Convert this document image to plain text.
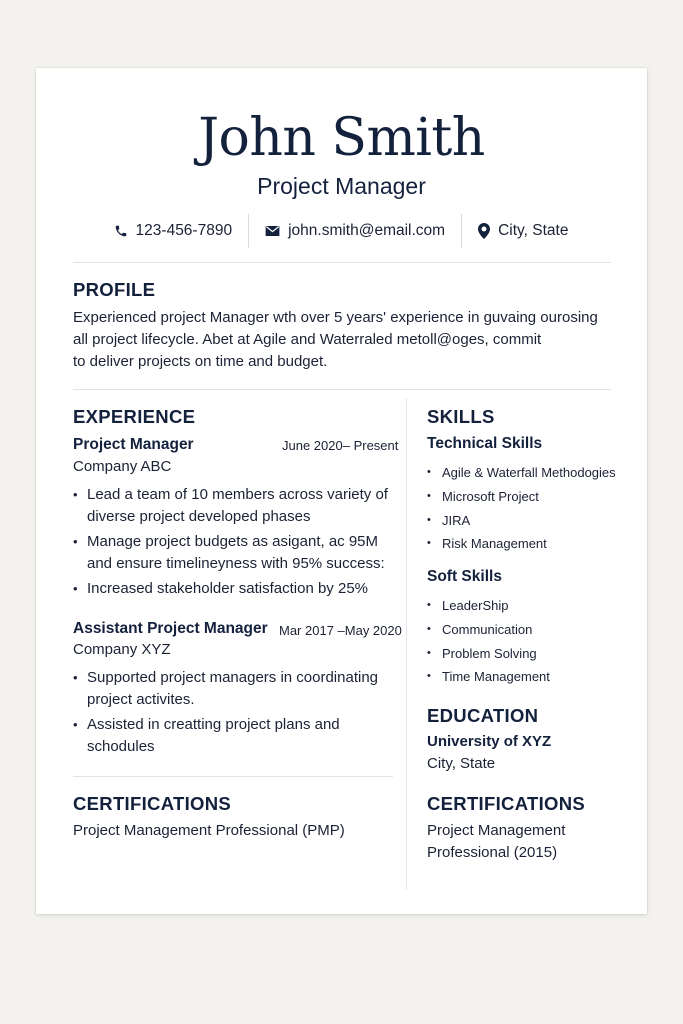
John Smith
Project Manager
123-456-7890	john.smith@email.com	City, State
PROFILE
Experienced project Manager wth over 5 years' experience in guvaing ourosing
all project lifecycle. Abet at Agile and Waterraled metoll@oges, commit
to deliver projects on time and budget.
EXPERIENCE
Project Manager	June 2020– Present
Company ABC
• Lead a team of 10 members across variety of diverse project developed phases
• Manage project budgets as asigant, ac 95M and ensure timelineyness with 95% success:
• Increased stakeholder satisfaction by 25%
Assistant Project Manager Mar 2017 –May 2020
Company XYZ
• Supported project managers in coordinating project activites.
• Assisted in creatting project plans and schodules
CERTIFICATIONS
Project Management Professional (PMP)
SKILLS
Technical Skills
• Agile & Waterfall Methodogies
• Microsoft Project
• JIRA
• Risk Management
Soft Skills
• LeaderShip
• Communication
• Problem Solving
• Time Management
EDUCATION
University of XYZ
City, State
CERTIFICATIONS
Project Management
Professional (2015)
